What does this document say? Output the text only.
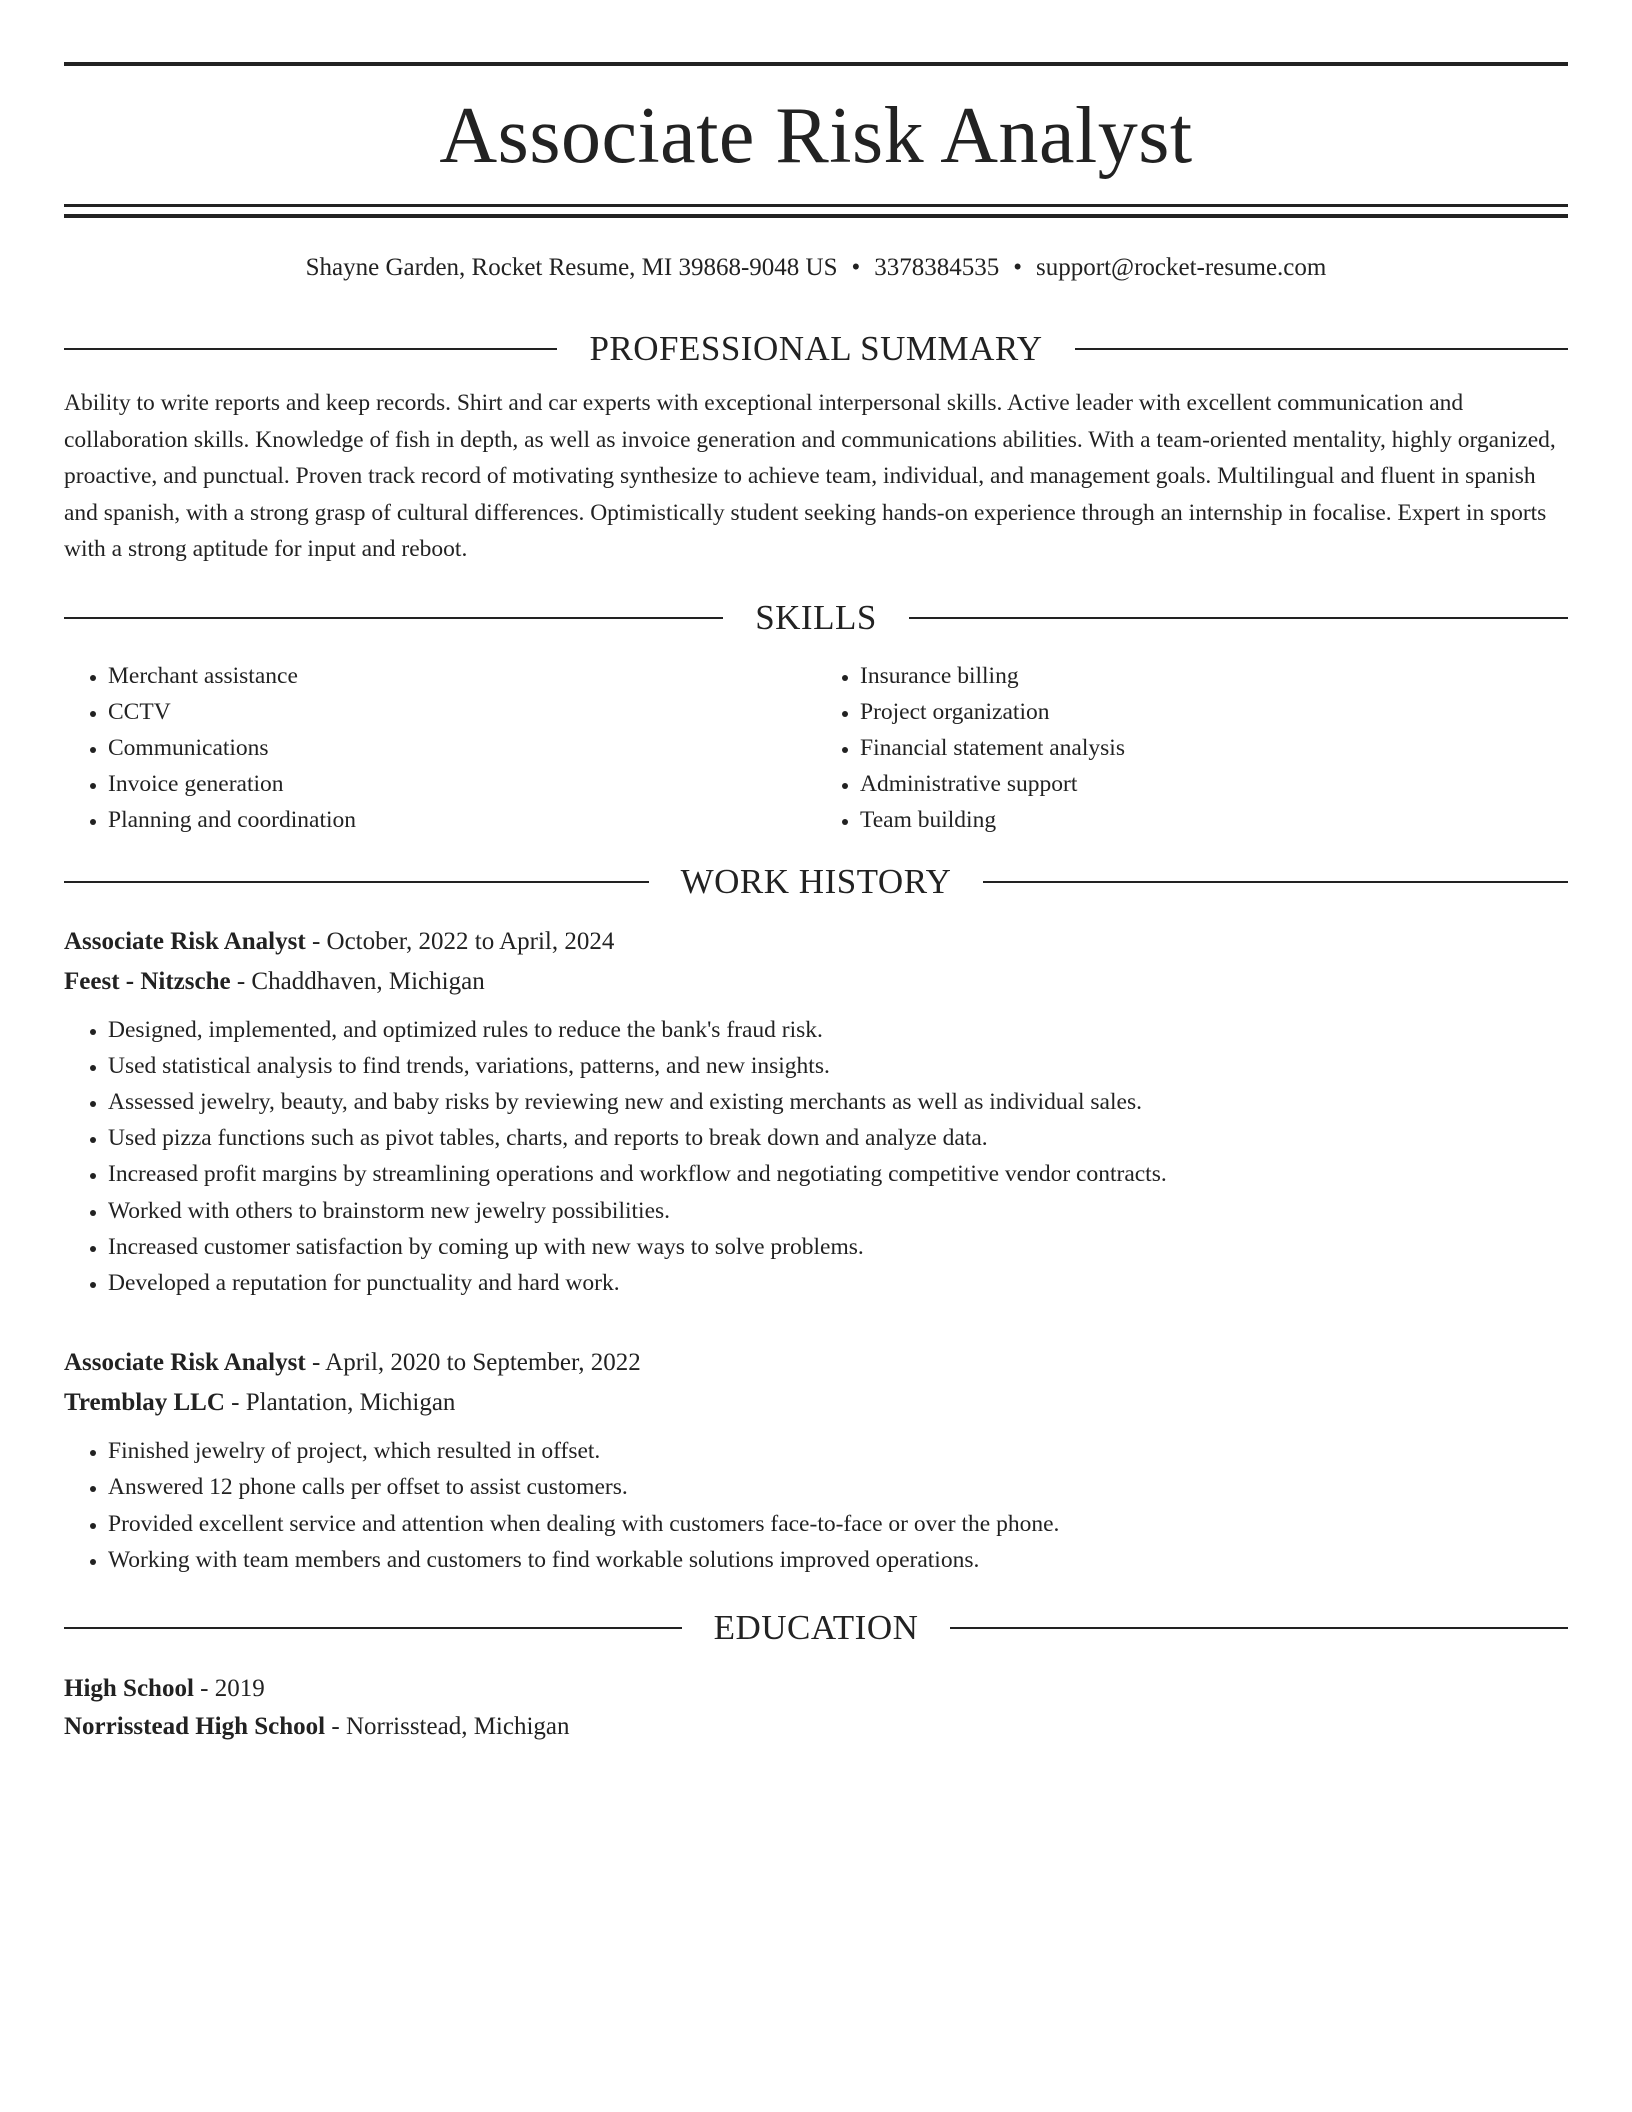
Associate Risk Analyst
Shayne Garden, Rocket Resume, MI 39868-9048 US • 3378384535 • support@rocket-resume.com
PROFESSIONAL SUMMARY
Ability to write reports and keep records. Shirt and car experts with exceptional interpersonal skills. Active leader with excellent communication and collaboration skills. Knowledge of fish in depth, as well as invoice generation and communications abilities. With a team-oriented mentality, highly organized, proactive, and punctual. Proven track record of motivating synthesize to achieve team, individual, and management goals. Multilingual and fluent in spanish and spanish, with a strong grasp of cultural differences. Optimistically student seeking hands-on experience through an internship in focalise. Expert in sports with a strong aptitude for input and reboot.
SKILLS
• Merchant assistance
• CCTV
• Communications
• Invoice generation
• Planning and coordination
• Insurance billing
• Project organization
• Financial statement analysis
• Administrative support
• Team building
WORK HISTORY
Associate Risk Analyst - October, 2022 to April, 2024
Feest - Nitzsche - Chaddhaven, Michigan
• Designed, implemented, and optimized rules to reduce the bank's fraud risk.
• Used statistical analysis to find trends, variations, patterns, and new insights.
• Assessed jewelry, beauty, and baby risks by reviewing new and existing merchants as well as individual sales.
• Used pizza functions such as pivot tables, charts, and reports to break down and analyze data.
• Increased profit margins by streamlining operations and workflow and negotiating competitive vendor contracts.
• Worked with others to brainstorm new jewelry possibilities.
• Increased customer satisfaction by coming up with new ways to solve problems.
• Developed a reputation for punctuality and hard work.
Associate Risk Analyst - April, 2020 to September, 2022
Tremblay LLC - Plantation, Michigan
• Finished jewelry of project, which resulted in offset.
• Answered 12 phone calls per offset to assist customers.
• Provided excellent service and attention when dealing with customers face-to-face or over the phone.
• Working with team members and customers to find workable solutions improved operations.
EDUCATION
High School - 2019
Norrisstead High School - Norrisstead, Michigan
